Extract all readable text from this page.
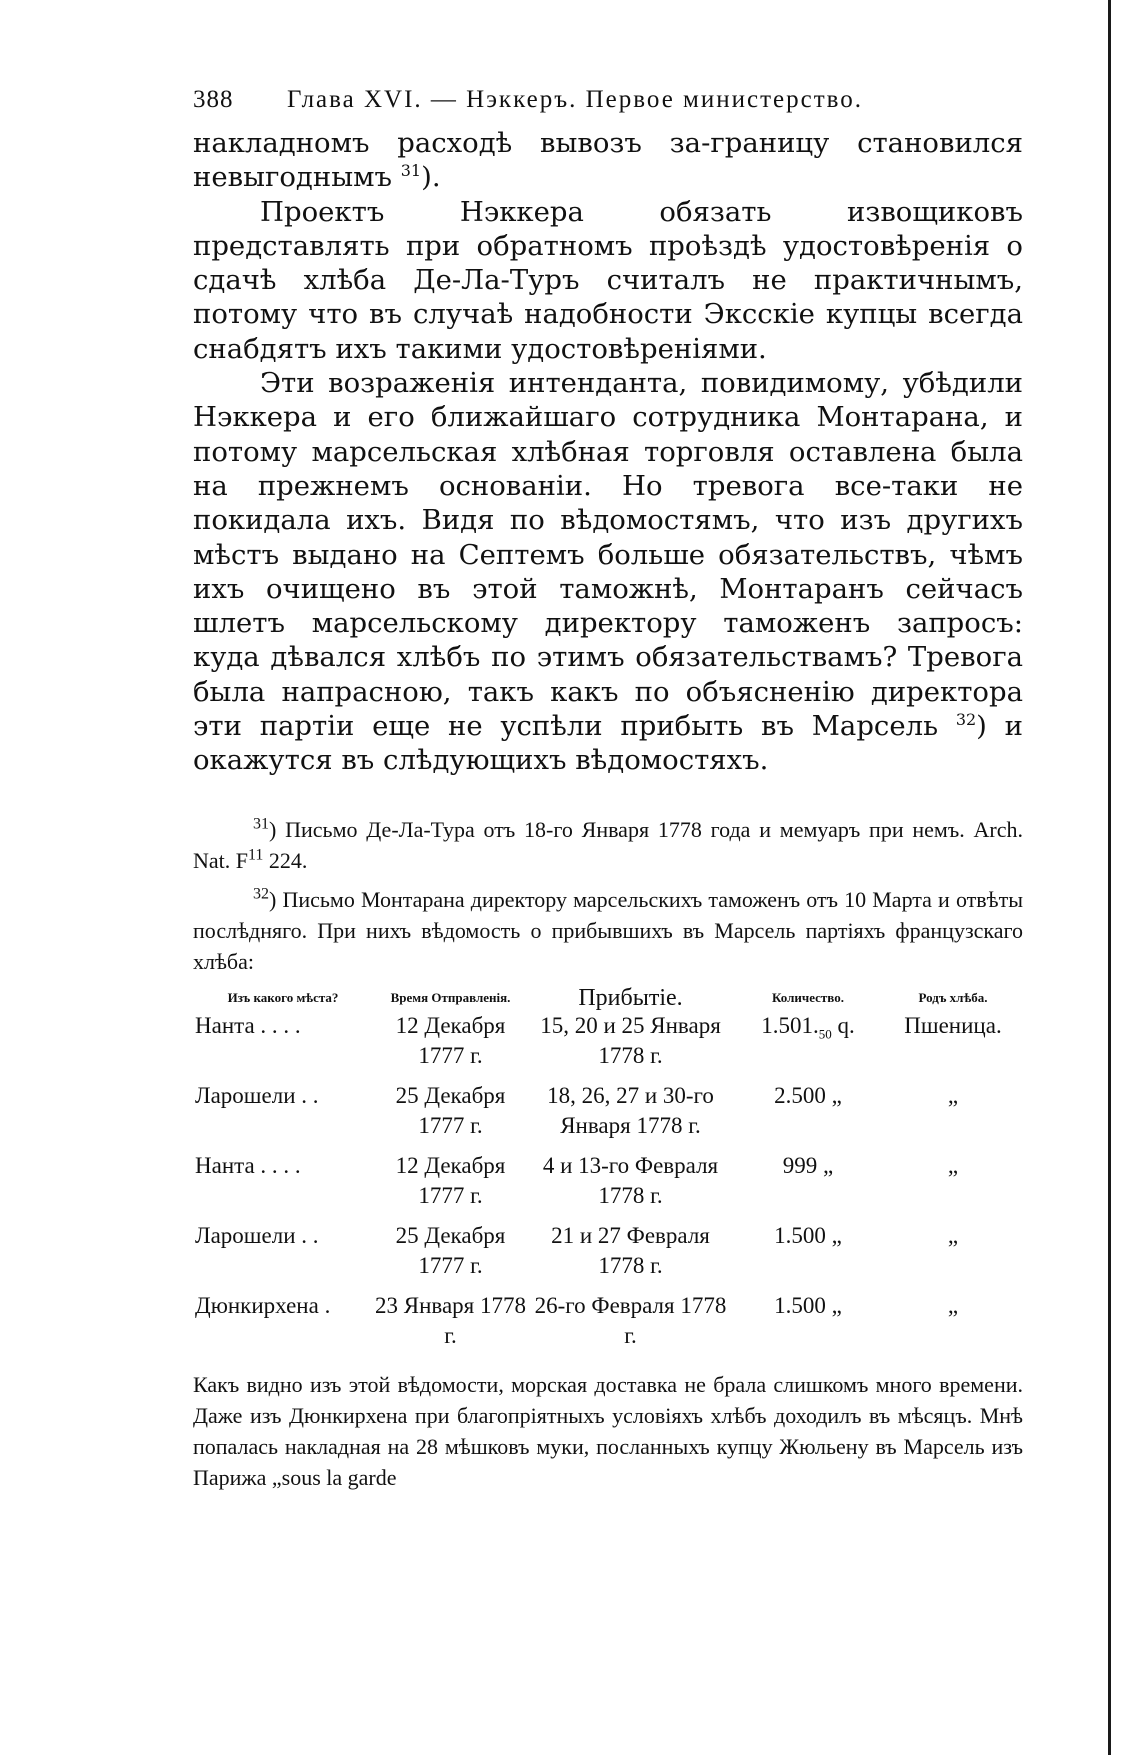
388	Глава XVI. — Нэккеръ. Первое министерство.

накладномъ расходѣ вывозъ за-границу становился невыгоднымъ $^{31}$).

Проектъ Нэккера обязать извощиковъ представлять при обратномъ проѣздѣ удостовѣренія о сдачѣ хлѣба Де-Ла-Туръ считалъ не практичнымъ, потому что въ случаѣ надобности Экcскіе купцы всегда снабдятъ ихъ такими удостовѣреніями.

Эти возраженія интенданта, повидимому, убѣдили Нэккера и его ближайшаго сотрудника Монтарана, и потому марсельская хлѣбная торговля оставлена была на прежнемъ основаніи. Но тревога все-таки не покидала ихъ. Видя по вѣдомостямъ, что изъ другихъ мѣстъ выдано на Септемъ больше обязательствъ, чѣмъ ихъ очищено въ этой таможнѣ, Монтаранъ сейчасъ шлетъ марсельскому директору таможенъ запросъ: куда дѣвался хлѣбъ по этимъ обязательствамъ? Тревога была напрасною, такъ какъ по объясненію директора эти партіи еще не успѣли прибыть въ Марсель $^{32}$) и окажутся въ слѣдующихъ вѣдомостяхъ.

$^{31}$) Письмо Де-Ла-Тура отъ 18-го Января 1778 года и мемуаръ при немъ. Arch. Nat. $F^{11}$ 224.

$^{32}$) Письмо Монтарана директору марсельскихъ таможенъ отъ 10 Марта и отвѣты послѣдняго. При нихъ вѣдомость о прибывшихъ въ Марсель партіяхъ французскаго хлѣба:

Изъ какого мѣста?	Время Отправленія.	Прибытіе.	Количество.	Родъ хлѣба.
Нанта . . . .	12 Декабря 1777 г.	15, 20 и 25 Января 1778 г.	$1.501._{50}$ q.	Пшеница.
Ларошели . .	25 Декабря 1777 г.	18, 26, 27 и 30-го Января 1778 г.	2.500 „	„
Нанта . . . .	12 Декабря 1777 г.	4 и 13-го Февраля 1778 г.	999 „	„
Ларошели . .	25 Декабря 1777 г.	21 и 27 Февраля 1778 г.	1.500 „	„
Дюнкирхена .	23 Января 1778 г.	26-го Февраля 1778 г.	1.500 „	„

Какъ видно изъ этой вѣдомости, морская доставка не брала слишкомъ много времени. Даже изъ Дюнкирхена при благопріятныхъ условіяхъ хлѣбъ доходилъ въ мѣсяцъ. Мнѣ попалась накладная на 28 мѣшковъ муки, посланныхъ купцу Жюльену въ Марсель изъ Парижа „sous la garde
